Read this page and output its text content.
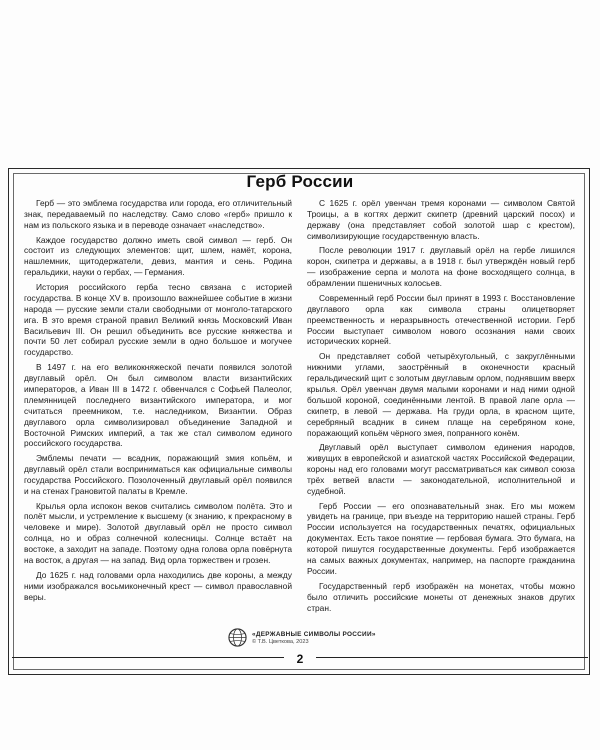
Герб России

Герб — это эмблема государства или города, его отличительный знак, передаваемый по наследству. Само слово «герб» пришло к нам из польского языка и в переводе означает «наследство».

Каждое государство должно иметь свой символ — герб. Он состоит из следующих элементов: щит, шлем, намёт, корона, нашлемник, щитодержатели, девиз, мантия и сень. Родина геральдики, науки о гербах, — Германия.

История российского герба тесно связана с историей государства. В конце XV в. произошло важнейшее событие в жизни народа — русские земли стали свободными от монголо-татарского ига. В это время страной правил Великий князь Московский Иван Васильевич III. Он решил объединить все русские княжества и почти 50 лет собирал русские земли в одно большое и могучее государство.

В 1497 г. на его великокняжеской печати появился золотой двуглавый орёл. Он был символом власти византийских императоров, а Иван III в 1472 г. обвенчался с Софьей Палеолог, племянницей последнего византийского императора, и мог считаться преемником, т.е. наследником, Византии. Образ двуглавого орла символизировал объединение Западной и Восточной Римских империй, а так же стал символом единого российского государства.

Эмблемы печати — всадник, поражающий змия копьём, и двуглавый орёл стали восприниматься как официальные символы государства Российского. Позолоченный двуглавый орёл появился и на стенах Грановитой палаты в Кремле.

Крылья орла испокон веков считались символом полёта. Это и полёт мысли, и устремление к высшему (к знанию, к прекрасному в человеке и мире). Золотой двуглавый орёл не просто символ солнца, но и образ солнечной колесницы. Солнце встаёт на востоке, а заходит на западе. Поэтому одна голова орла повёрнута на восток, а другая — на запад. Вид орла торжествен и грозен.

До 1625 г. над головами орла находились две короны, а между ними изображался восьмиконечный крест — символ православной веры.

С 1625 г. орёл увенчан тремя коронами — символом Святой Троицы, а в когтях держит скипетр (древний царский посох) и державу (она представляет собой золотой шар с крестом), символизирующие государственную власть.

После революции 1917 г. двуглавый орёл на гербе лишился корон, скипетра и державы, а в 1918 г. был утверждён новый герб — изображение серпа и молота на фоне восходящего солнца, в обрамлении пшеничных колосьев.

Современный герб России был принят в 1993 г. Восстановление двуглавого орла как символа страны олицетворяет преемственность и неразрывность отечественной истории. Герб России выступает символом нового осознания нами своих исторических корней.

Он представляет собой четырёхугольный, с закруглёнными нижними углами, заострённый в оконечности красный геральдический щит с золотым двуглавым орлом, поднявшим вверх крылья. Орёл увенчан двумя малыми коронами и над ними одной большой короной, соединёнными лентой. В правой лапе орла — скипетр, в левой — держава. На груди орла, в красном щите, серебряный всадник в синем плаще на серебряном коне, поражающий копьём чёрного змея, попранного конём.

Двуглавый орёл выступает символом единения народов, живущих в европейской и азиатской частях Российской Федерации, короны над его головами могут рассматриваться как символ союза трёх ветвей власти — законодательной, исполнительной и судебной.

Герб России — его опознавательный знак. Его мы можем увидеть на границе, при въезде на территорию нашей страны. Герб России используется на государственных печатях, официальных документах. Есть такое понятие — гербовая бумага. Это бумага, на которой пишутся государственные документы. Герб изображается на самых важных документах, например, на паспорте гражданина России.

Государственный герб изображён на монетах, чтобы можно было отличить российские монеты от денежных знаков других стран.

«ДЕРЖАВНЫЕ СИМВОЛЫ РОССИИ»
© Т.В. Цветкова, 2023
2
